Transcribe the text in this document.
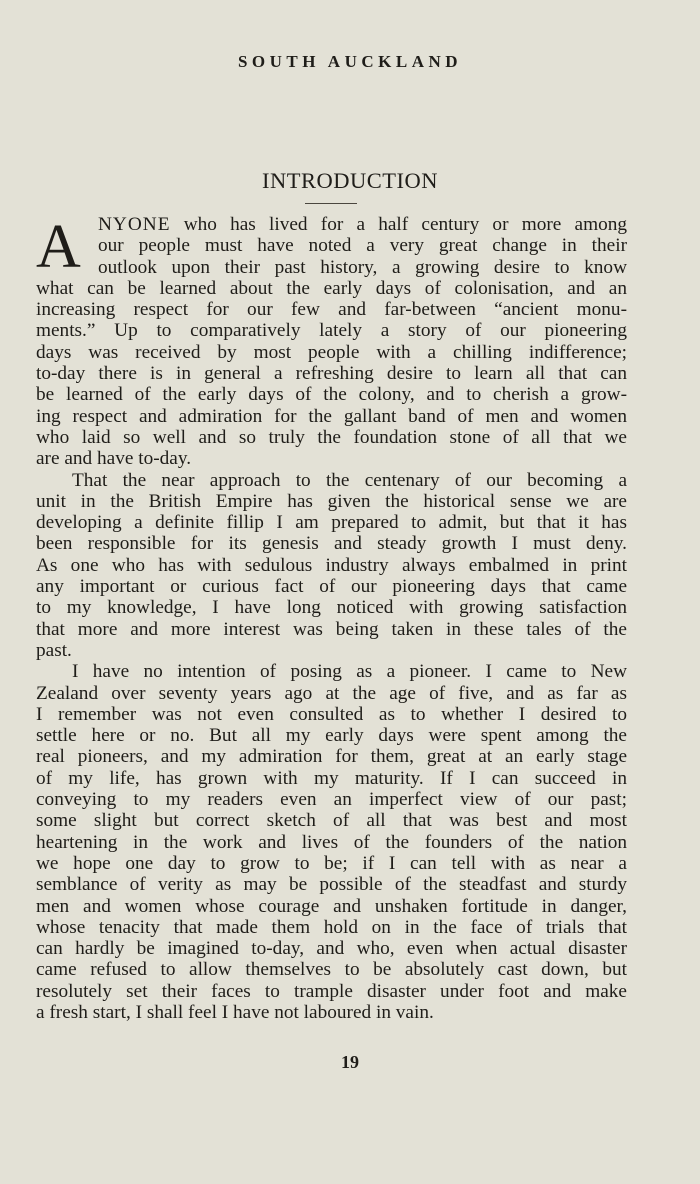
SOUTH AUCKLAND
INTRODUCTION
A NYONE who has lived for a half century or more among
our people must have noted a very great change in their
outlook upon their past history, a growing desire to know
what can be learned about the early days of colonisation, and an
increasing respect for our few and far-between “ancient monu-
ments.” Up to comparatively lately a story of our pioneering
days was received by most people with a chilling indifference;
to-day there is in general a refreshing desire to learn all that can
be learned of the early days of the colony, and to cherish a grow-
ing respect and admiration for the gallant band of men and women
who laid so well and so truly the foundation stone of all that we
are and have to-day.
That the near approach to the centenary of our becoming a
unit in the British Empire has given the historical sense we are
developing a definite fillip I am prepared to admit, but that it has
been responsible for its genesis and steady growth I must deny.
As one who has with sedulous industry always embalmed in print
any important or curious fact of our pioneering days that came
to my knowledge, I have long noticed with growing satisfaction
that more and more interest was being taken in these tales of the
past.
I have no intention of posing as a pioneer. I came to New
Zealand over seventy years ago at the age of five, and as far as
I remember was not even consulted as to whether I desired to
settle here or no. But all my early days were spent among the
real pioneers, and my admiration for them, great at an early stage
of my life, has grown with my maturity. If I can succeed in
conveying to my readers even an imperfect view of our past;
some slight but correct sketch of all that was best and most
heartening in the work and lives of the founders of the nation
we hope one day to grow to be; if I can tell with as near a
semblance of verity as may be possible of the steadfast and sturdy
men and women whose courage and unshaken fortitude in danger,
whose tenacity that made them hold on in the face of trials that
can hardly be imagined to-day, and who, even when actual disaster
came refused to allow themselves to be absolutely cast down, but
resolutely set their faces to trample disaster under foot and make
a fresh start, I shall feel I have not laboured in vain.
19
